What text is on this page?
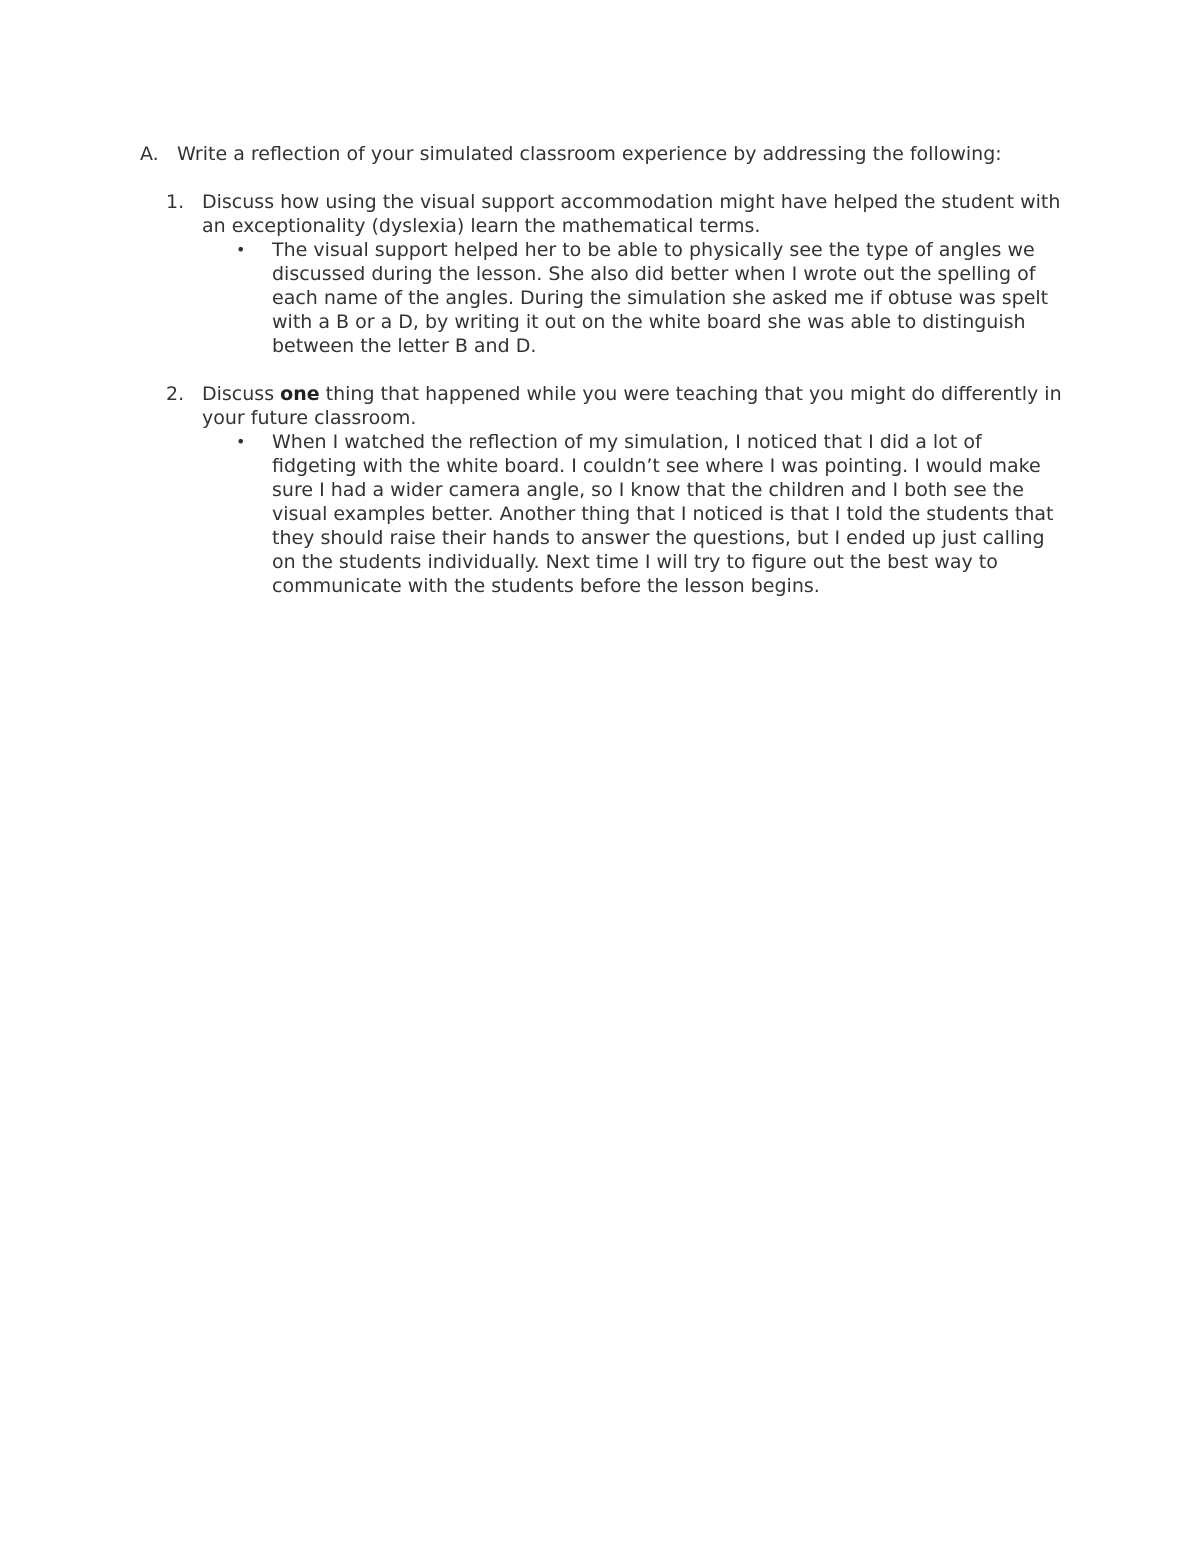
A. Write a reflection of your simulated classroom experience by addressing the following:
1. Discuss how using the visual support accommodation might have helped the student with an exceptionality (dyslexia) learn the mathematical terms.
• The visual support helped her to be able to physically see the type of angles we discussed during the lesson. She also did better when I wrote out the spelling of each name of the angles. During the simulation she asked me if obtuse was spelt with a B or a D, by writing it out on the white board she was able to distinguish between the letter B and D.
2. Discuss one thing that happened while you were teaching that you might do differently in your future classroom.
• When I watched the reflection of my simulation, I noticed that I did a lot of fidgeting with the white board. I couldn’t see where I was pointing. I would make sure I had a wider camera angle, so I know that the children and I both see the visual examples better. Another thing that I noticed is that I told the students that they should raise their hands to answer the questions, but I ended up just calling on the students individually. Next time I will try to figure out the best way to communicate with the students before the lesson begins.
